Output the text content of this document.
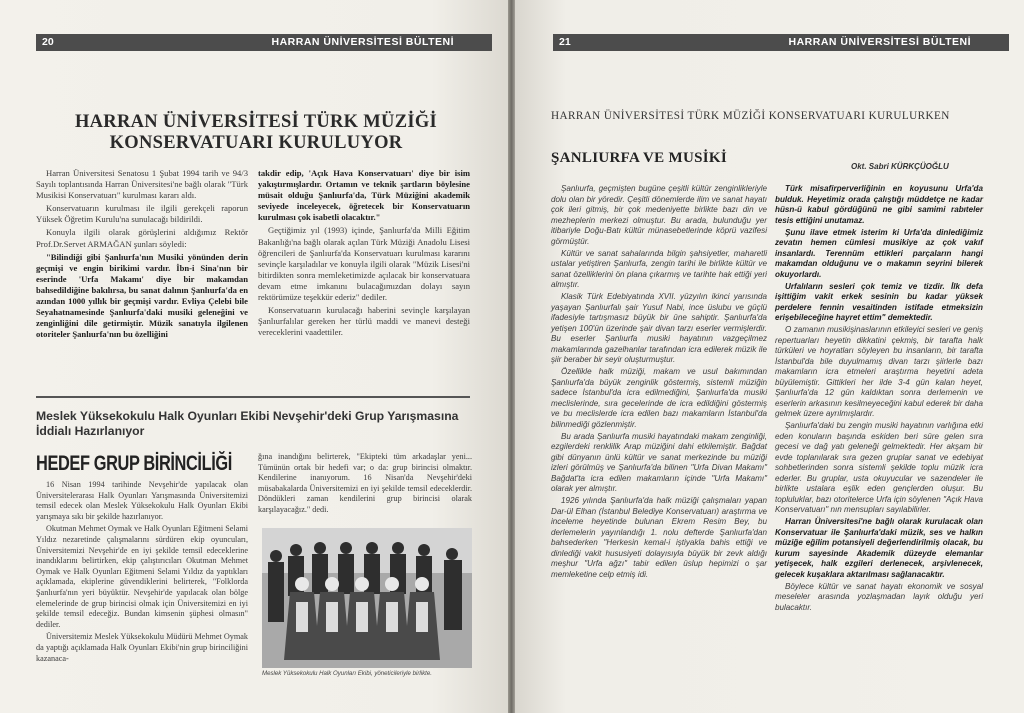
20	HARRAN ÜNİVERSİTESİ BÜLTENİ
HARRAN ÜNİVERSİTESİ TÜRK MÜZİĞİ
KONSERVATUARI KURULUYOR

Harran Üniversitesi Senatosu 1 Şubat 1994 tarih ve 94/3 Sayılı toplantısında Harran Üniversitesi'ne bağlı olarak "Türk Musikisi Konservatuarı" kurulması kararı aldı.

Konservatuarın kurulması ile ilgili gerekçeli raporun Yüksek Öğretim Kurulu'na sunulacağı bildirildi.

Konuyla ilgili olarak görüşlerini aldığımız Rektör Prof.Dr.Servet ARMAĞAN şunları söyledi:

"Bilindiği gibi Şanlıurfa'nın Musiki yönünden derin geçmişi ve engin birikimi vardır. İbn-i Sina'nın bir eserinde 'Urfa Makamı' diye bir makamdan bahsedildiğine bakılırsa, bu sanat dalının Şanlıurfa'da en azından 1000 yıllık bir geçmişi vardır. Evliya Çelebi bile Seyahatnamesinde Şanlıurfa'daki musiki geleneğini ve zenginliğini dile getirmiştir. Müzik sanatıyla ilgilenen otoriteler Şanlıurfa'nın bu özelliğini

takdir edip, 'Açık Hava Konservatuarı' diye bir isim yakıştırmışlardır. Ortamın ve teknik şartların böylesine müsait olduğu Şanlıurfa'da, Türk Müziğini akademik seviyede inceleyecek, öğretecek bir Konservatuarın kurulması çok isabetli olacaktır."

Geçtiğimiz yıl (1993) içinde, Şanlıurfa'da Milli Eğitim Bakanlığı'na bağlı olarak açılan Türk Müziği Anadolu Lisesi öğrencileri de Şanlıurfa'da Konservatuarı kurulması kararını sevinçle karşıladılar ve konuyla ilgili olarak "Müzik Lisesi'ni bitirdikten sonra memleketimizde açılacak bir konservatuara devam etme imkanını bulacağımızdan dolayı sayın rektörümüze teşekkür ederiz" dediler.

Konservatuarın kurulacağı haberini sevinçle karşılayan Şanlıurfalılar gereken her türlü maddi ve manevi desteği vereceklerini vaadettiler.

Meslek Yüksekokulu Halk Oyunları Ekibi Nevşehir'deki Grup Yarışmasına İddialı Hazırlanıyor
HEDEF GRUP BİRİNCİLİĞİ

16 Nisan 1994 tarihinde Nevşehir'de yapılacak olan Üniversitelerarası Halk Oyunları Yarışmasında Üniversitemizi temsil edecek olan Meslek Yüksekokulu Halk Oyunları Ekibi yarışmaya sıkı bir şekilde hazırlanıyor.

Okutman Mehmet Oymak ve Halk Oyunları Eğitmeni Selami Yıldız nezaretinde çalışmalarını sürdüren ekip oyuncuları, Üniversitemizi Nevşehir'de en iyi şekilde temsil edeceklerine inandıklarını belirtirken, ekip çalıştırıcıları Okutman Mehmet Oymak ve Halk Oyunları Eğitmeni Selami Yıldız da yaptıkları açıklamada, ekiplerine güvendiklerini belirterek, "Folklorda Şanlıurfa'nın yeri büyüktür. Nevşehir'de yapılacak olan bölge elemelerinde de grup birincisi olmak için Üniversitemizi en iyi şekilde temsil edeceğiz. Bundan kimsenin şüphesi olmasın" dediler.

Üniversitemiz Meslek Yüksekokulu Müdürü Mehmet Oymak da yaptığı açıklamada Halk Oyunları Ekibi'nin grup birinciliğini kazanaca-

ğına inandığını belirterek, "Ekipteki tüm arkadaşlar yeni... Tümünün ortak bir hedefi var; o da: grup birincisi olmaktır. Kendilerine inanıyorum. 16 Nisan'da Nevşehir'deki müsabakalarda Üniversitemizi en iyi şekilde temsil edeceklerdir. Döndükleri zaman kendilerini grup birincisi olarak karşılayacağız." dedi.

Meslek Yüksekokulu Halk Oyunları Ekibi, yöneticileriyle birlikte.
21	HARRAN ÜNİVERSİTESİ BÜLTENİ
HARRAN ÜNİVERSİTESİ TÜRK MÜZİĞİ KONSERVATUARI KURULURKEN
ŞANLIURFA VE MUSİKİ
Okt. Sabri KÜRKÇÜOĞLU

Şanlıurfa, geçmişten bugüne çeşitli kültür zenginlikleriyle dolu olan bir yöredir. Çeşitli dönemlerde ilim ve sanat hayatı çok ileri gitmiş, bir çok medeniyette birlikte bazı din ve mezheplerin merkezi olmuştur. Bu arada, bulunduğu yer itibariyle Doğu-Batı kültür münasebetlerinde köprü vazifesi görmüştür.

Kültür ve sanat sahalarında bilgin şahsiyetler, maharetli ustalar yetiştiren Şanlıurfa, zengin tarihi ile birlikte kültür ve sanat özelliklerini ön plana çıkarmış ve tarihte hak ettiği yeri almıştır.

Klasik Türk Edebiyatında XVII. yüzyılın ikinci yarısında yaşayan Şanlıurfalı şair Yusuf Nabi, ince üslubu ve güçlü ifadesiyle tartışmasız büyük bir üne sahiptir. Şanlıurfa'da yetişen 100'ün üzerinde şair divan tarzı eserler vermişlerdir. Bu eserler Şanlıurfa musiki hayatının vazgeçilmez makamlarında gazelhanlar tarafından icra edilerek müzik ile şiir beraber bir seyir oluşturmuştur.

Özellikle halk müziği, makam ve usul bakımından Şanlıurfa'da büyük zenginlik göstermiş, sistemli müziğin sadece İstanbul'da icra edilmediğini, Şanlıurfa'da musiki meclislerinde, sıra gecelerinde de icra edildiğini göstermiş ve bu meclislerde icra edilen bazı makamların İstanbul'da bilinmediği gözlenmiştir.

Bu arada Şanlıurfa musiki hayatındaki makam zenginliği, ezgilerdeki renklilik Arap müziğini dahi etkilemiştir. Bağdat gibi dünyanın ünlü kültür ve sanat merkezinde bu müziği izleri görülmüş ve Şanlıurfa'da bilinen "Urfa Divan Makamı" Bağdat'ta icra edilen makamların içinde "Urfa Makamı" olarak yer almıştır.

1926 yılında Şanlıurfa'da halk müziği çalışmaları yapan Dar-ül Elhan (İstanbul Belediye Konservatuarı) araştırma ve inceleme heyetinde bulunan Ekrem Resim Bey, bu derlemelerin yayınlandığı 1. nolu defterde Şanlıurfa'dan bahsederken "Herkesin kemal-i iştiyakla bahis ettiği ve dinlediği vakit hususiyeti dolayısıyla büyük bir zevk aldığı meşhur "Urfa ağzı" tabir edilen üslup hepimizi o şar memleketine celp etmiş idi.

Türk misafirperverliğinin en koyusunu Urfa'da bulduk. Heyetimiz orada çalıştığı müddetçe ne kadar hüsn-ü kabul gördüğünü ne gibi samimi rabıteler tesis ettiğini unutamaz.

Şunu ilave etmek isterim ki Urfa'da dinlediğimiz zevatın hemen cümlesi musikiye az çok vakıf insanlardı. Terennüm ettikleri parçaların hangi makamdan olduğunu ve o makamın seyrini bilerek okuyorlardı.

Urfalıların sesleri çok temiz ve tizdir. İlk defa işittiğim vakit erkek sesinin bu kadar yüksek perdelere fennin vesaitinden istifade etmeksizin erişebileceğine hayret ettim" demektedir.

O zamanın musikişinaslarının etkileyici sesleri ve geniş repertuarları heyetin dikkatini çekmiş, bir tarafta halk türküleri ve hoyratları söyleyen bu insanların, bir tarafta İstanbul'da bile duyulmamış divan tarzı şiirlerle bazı makamların icra etmeleri araştırma heyetini adeta büyülemiştir. Gittikleri her ilde 3-4 gün kalan heyet, Şanlıurfa'da 12 gün kaldıktan sonra derlemenin ve eserlerin arkasının kesilmeyeceğini kabul ederek bir daha gelmek üzere ayrılmışlardır.

Şanlıurfa'daki bu zengin musiki hayatının varlığına etki eden konuların başında eskiden beri süre gelen sıra gecesi ve dağ yatı geleneği gelmektedir. Her akşam bir evde toplanılarak sıra gezen gruplar sanat ve edebiyat sohbetlerinden sonra sistemli şekilde toplu müzik icra ederler. Bu gruplar, usta okuyucular ve sazendeler ile birlikte ustalara eşlik eden gençlerden oluşur. Bu topluluklar, bazı otoritelerce Urfa için söylenen "Açık Hava Konservatuarı" nın mensupları sayılabilirler.

Harran Üniversitesi'ne bağlı olarak kurulacak olan Konservatuar ile Şanlıurfa'daki müzik, ses ve halkın müziğe eğilim potansiyeli değerlendirilmiş olacak, bu kurum sayesinde Akademik düzeyde elemanlar yetişecek, halk ezgileri derlenecek, arşivlenecek, gelecek kuşaklara aktarılması sağlanacaktır.

Böylece kültür ve sanat hayatı ekonomik ve sosyal meseleler arasında yozlaşmadan layık olduğu yeri bulacaktır.
